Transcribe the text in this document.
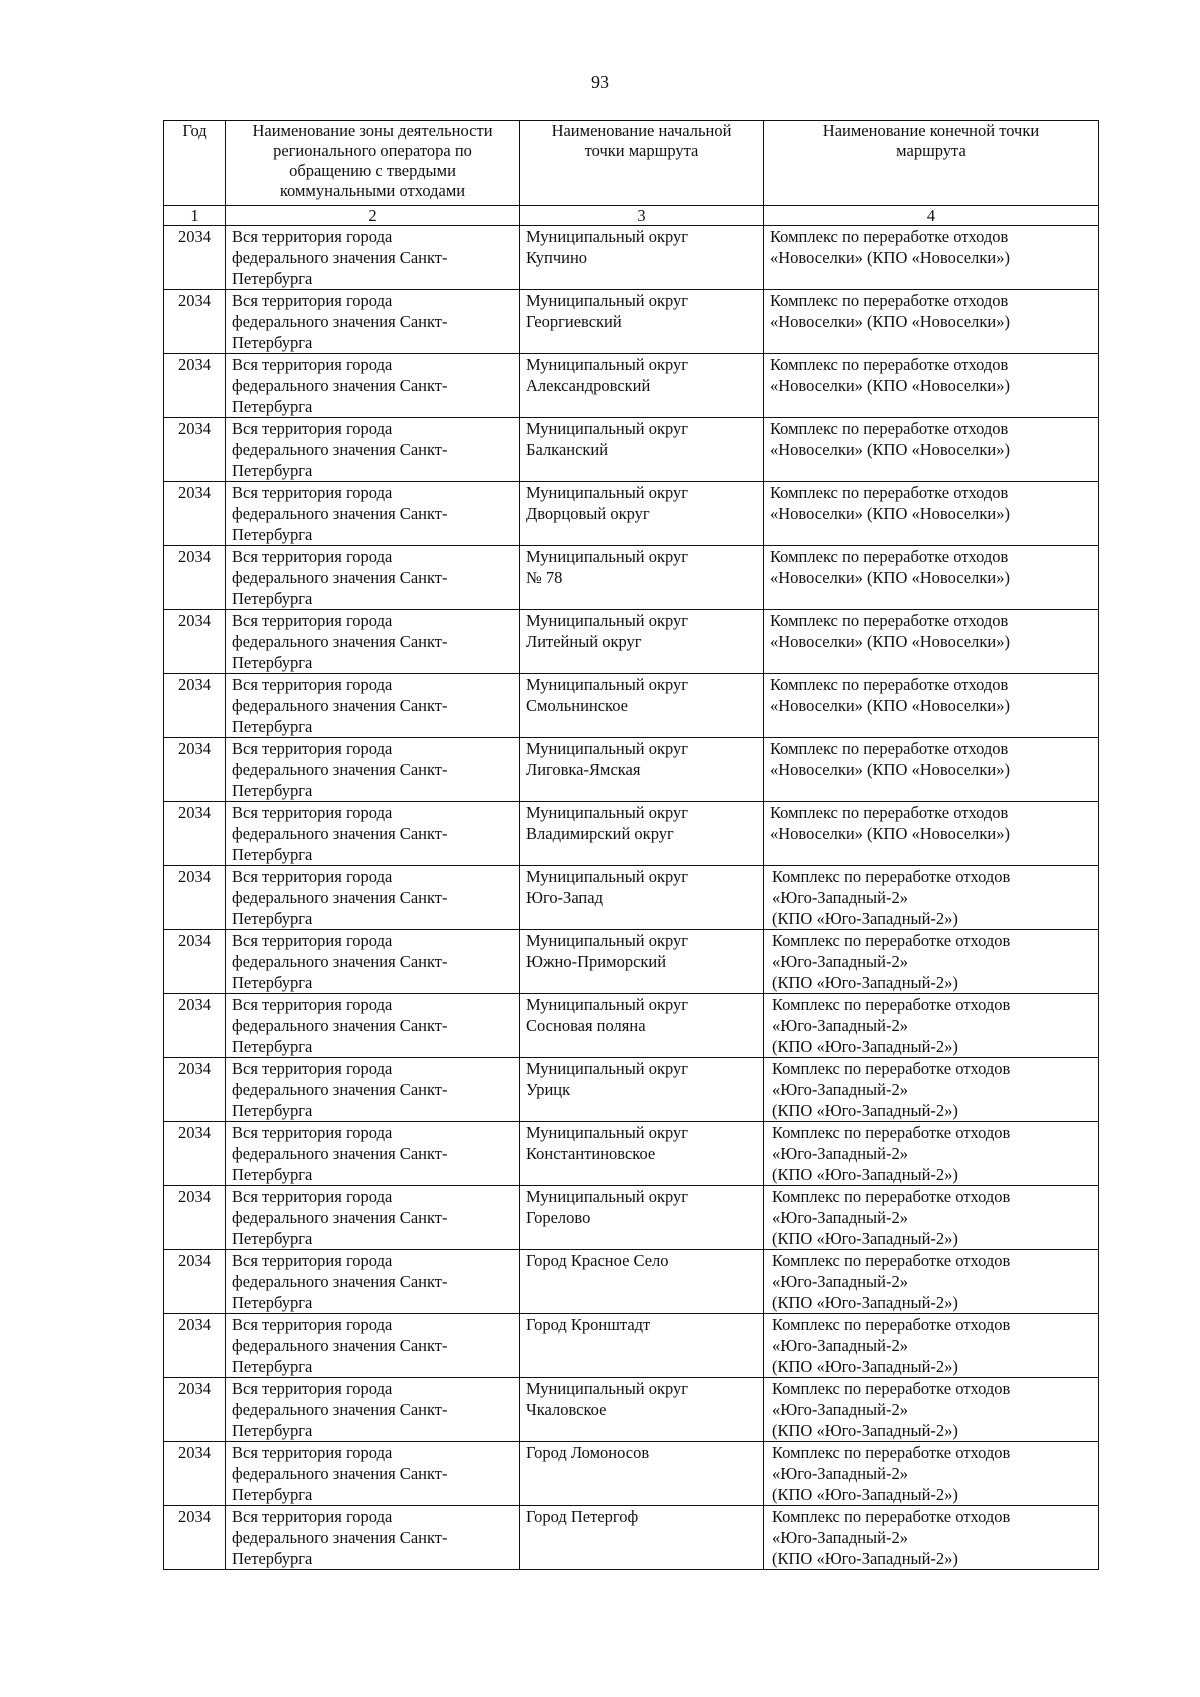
93
Год	Наименование зоны деятельности
регионального оператора по
обращению с твердыми
коммунальными отходами	Наименование начальной
точки маршрута	Наименование конечной точки
маршрута

1	2	3	4
2034	Вся территория города
федерального значения Санкт-
Петербурга	Муниципальный округ
Купчино	Комплекс по переработке отходов
«Новоселки» (КПО «Новоселки»)

2034	Вся территория города
федерального значения Санкт-
Петербурга	Муниципальный округ
Георгиевский	Комплекс по переработке отходов
«Новоселки» (КПО «Новоселки»)

2034	Вся территория города
федерального значения Санкт-
Петербурга	Муниципальный округ
Александровский	Комплекс по переработке отходов
«Новоселки» (КПО «Новоселки»)

2034	Вся территория города
федерального значения Санкт-
Петербурга	Муниципальный округ
Балканский	Комплекс по переработке отходов
«Новоселки» (КПО «Новоселки»)

2034	Вся территория города
федерального значения Санкт-
Петербурга	Муниципальный округ
Дворцовый округ	Комплекс по переработке отходов
«Новоселки» (КПО «Новоселки»)

2034	Вся территория города
федерального значения Санкт-
Петербурга	Муниципальный округ
№ 78	Комплекс по переработке отходов
«Новоселки» (КПО «Новоселки»)

2034	Вся территория города
федерального значения Санкт-
Петербурга	Муниципальный округ
Литейный округ	Комплекс по переработке отходов
«Новоселки» (КПО «Новоселки»)

2034	Вся территория города
федерального значения Санкт-
Петербурга	Муниципальный округ
Смольнинское	Комплекс по переработке отходов
«Новоселки» (КПО «Новоселки»)

2034	Вся территория города
федерального значения Санкт-
Петербурга	Муниципальный округ
Лиговка-Ямская	Комплекс по переработке отходов
«Новоселки» (КПО «Новоселки»)

2034	Вся территория города
федерального значения Санкт-
Петербурга	Муниципальный округ
Владимирский округ	Комплекс по переработке отходов
«Новоселки» (КПО «Новоселки»)

2034	Вся территория города
федерального значения Санкт-
Петербурга	Муниципальный округ
Юго-Запад	Комплекс по переработке отходов
«Юго-Западный-2»
(КПО «Юго-Западный-2»)

2034	Вся территория города
федерального значения Санкт-
Петербурга	Муниципальный округ
Южно-Приморский	Комплекс по переработке отходов
«Юго-Западный-2»
(КПО «Юго-Западный-2»)

2034	Вся территория города
федерального значения Санкт-
Петербурга	Муниципальный округ
Сосновая поляна	Комплекс по переработке отходов
«Юго-Западный-2»
(КПО «Юго-Западный-2»)

2034	Вся территория города
федерального значения Санкт-
Петербурга	Муниципальный округ
Урицк	Комплекс по переработке отходов
«Юго-Западный-2»
(КПО «Юго-Западный-2»)

2034	Вся территория города
федерального значения Санкт-
Петербурга	Муниципальный округ
Константиновское	Комплекс по переработке отходов
«Юго-Западный-2»
(КПО «Юго-Западный-2»)

2034	Вся территория города
федерального значения Санкт-
Петербурга	Муниципальный округ
Горелово	Комплекс по переработке отходов
«Юго-Западный-2»
(КПО «Юго-Западный-2»)

2034	Вся территория города
федерального значения Санкт-
Петербурга	Город Красное Село	Комплекс по переработке отходов
«Юго-Западный-2»
(КПО «Юго-Западный-2»)

2034	Вся территория города
федерального значения Санкт-
Петербурга	Город Кронштадт	Комплекс по переработке отходов
«Юго-Западный-2»
(КПО «Юго-Западный-2»)

2034	Вся территория города
федерального значения Санкт-
Петербурга	Муниципальный округ
Чкаловское	Комплекс по переработке отходов
«Юго-Западный-2»
(КПО «Юго-Западный-2»)

2034	Вся территория города
федерального значения Санкт-
Петербурга	Город Ломоносов	Комплекс по переработке отходов
«Юго-Западный-2»
(КПО «Юго-Западный-2»)

2034	Вся территория города
федерального значения Санкт-
Петербурга	Город Петергоф	Комплекс по переработке отходов
«Юго-Западный-2»
(КПО «Юго-Западный-2»)
